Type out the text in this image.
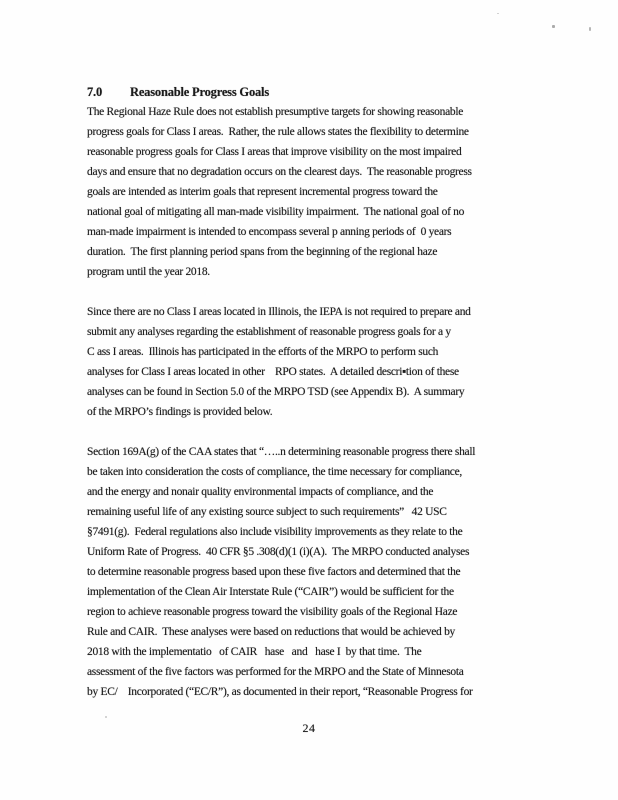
7.0 Reasonable Progress Goals
The Regional Haze Rule does not establish presumptive targets for showing reasonable
progress goals for Class I areas.  Rather, the rule allows states the flexibility to determine
reasonable progress goals for Class I areas that improve visibility on the most impaired
days and ensure that no degradation occurs on the clearest days.  The reasonable progress
goals are intended as interim goals that represent incremental progress toward the
national goal of mitigating all man-made visibility impairment.  The national goal of no
man-made impairment is intended to encompass several p anning periods of  0 years
duration.  The first planning period spans from the beginning of the regional haze
program until the year 2018.
Since there are no Class I areas located in Illinois, the IEPA is not required to prepare and
submit any analyses regarding the establishment of reasonable progress goals for a y
C ass I areas.  Illinois has participated in the efforts of the MRPO to perform such
analyses for Class I areas located in other    RPO states.  A detailed descri▪tion of these
analyses can be found in Section 5.0 of the MRPO TSD (see Appendix B).  A summary
of the MRPO’s findings is provided below.
Section 169A(g) of the CAA states that “…..n determining reasonable progress there shall
be taken into consideration the costs of compliance, the time necessary for compliance,
and the energy and nonair quality environmental impacts of compliance, and the
remaining useful life of any existing source subject to such requirements”   42 USC
§7491(g).  Federal regulations also include visibility improvements as they relate to the
Uniform Rate of Progress.  40 CFR §5 .308(d)(1 (i)(A).  The MRPO conducted analyses
to determine reasonable progress based upon these five factors and determined that the
implementation of the Clean Air Interstate Rule (“CAIR”) would be sufficient for the
region to achieve reasonable progress toward the visibility goals of the Regional Haze
Rule and CAIR.  These analyses were based on reductions that would be achieved by
2018 with the implementatio   of CAIR   hase   and   hase I  by that time.  The
assessment of the five factors was performed for the MRPO and the State of Minnesota
by EC/    Incorporated (“EC/R”), as documented in their report, “Reasonable Progress for
24
